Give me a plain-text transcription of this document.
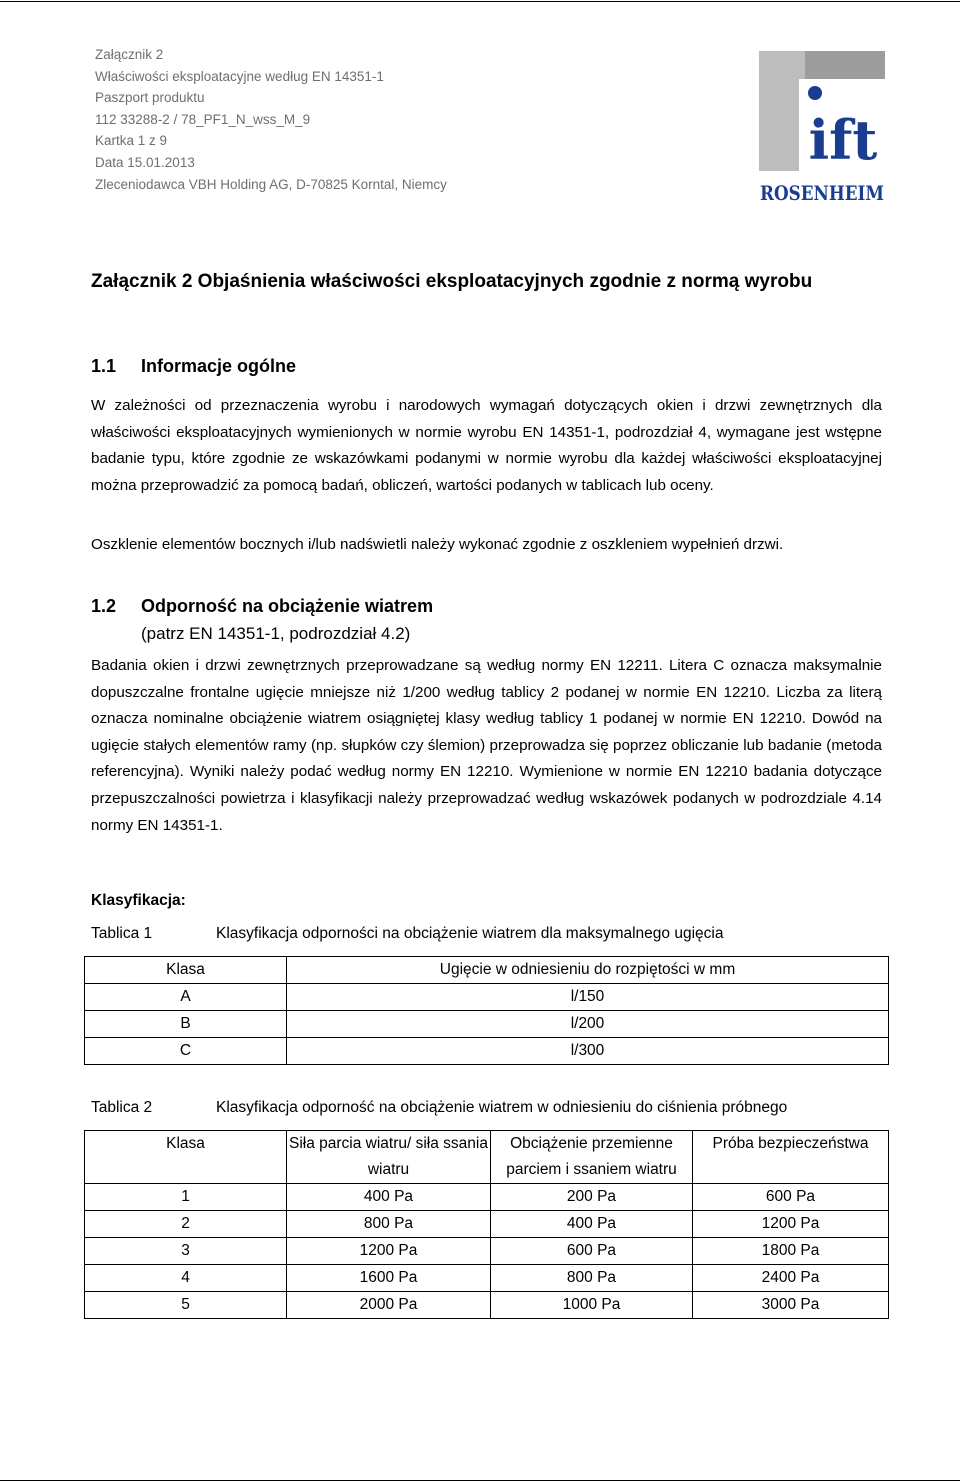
Załącznik 2
Właściwości eksploatacyjne według EN 14351-1
Paszport produktu
112 33288-2 / 78_PF1_N_wss_M_9
Kartka 1 z 9
Data 15.01.2013
Zleceniodawca VBH Holding AG, D-70825 Korntal, Niemcy
ift
ROSENHEIM
Załącznik 2 Objaśnienia właściwości eksploatacyjnych zgodnie z normą wyrobu
1.1 Informacje ogólne
W zależności od przeznaczenia wyrobu i narodowych wymagań dotyczących okien i drzwi zewnętrznych dla właściwości eksploatacyjnych wymienionych w normie wyrobu EN 14351-1, podrozdział 4, wymagane jest wstępne badanie typu, które zgodnie ze wskazówkami podanymi w normie wyrobu dla każdej właściwości eksploatacyjnej można przeprowadzić za pomocą badań, obliczeń, wartości podanych w tablicach lub oceny.
Oszklenie elementów bocznych i/lub nadświetli należy wykonać zgodnie z oszkleniem wypełnień drzwi.
1.2 Odporność na obciążenie wiatrem
(patrz EN 14351-1, podrozdział 4.2)
Badania okien i drzwi zewnętrznych przeprowadzane są według normy EN 12211. Litera C oznacza maksymalnie dopuszczalne frontalne ugięcie mniejsze niż 1/200 według tablicy 2 podanej w normie EN 12210. Liczba za literą oznacza nominalne obciążenie wiatrem osiągniętej klasy według tablicy 1 podanej w normie EN 12210. Dowód na ugięcie stałych elementów ramy (np. słupków czy ślemion) przeprowadza się poprzez obliczanie lub badanie (metoda referencyjna). Wyniki należy podać według normy EN 12210. Wymienione w normie EN 12210 badania dotyczące przepuszczalności powietrza i klasyfikacji należy przeprowadzać według wskazówek podanych w podrozdziale 4.14 normy EN 14351-1.
Klasyfikacja:
Tablica 1	Klasyfikacja odporności na obciążenie wiatrem dla maksymalnego ugięcia
Klasa	Ugięcie w odniesieniu do rozpiętości w mm
A	l/150
B	l/200
C	l/300
Tablica 2	Klasyfikacja odporność na obciążenie wiatrem w odniesieniu do ciśnienia próbnego
Klasa	Siła parcia wiatru/ siła ssania wiatru	Obciążenie przemienne parciem i ssaniem wiatru	Próba bezpieczeństwa
1	400 Pa	200 Pa	600 Pa
2	800 Pa	400 Pa	1200 Pa
3	1200 Pa	600 Pa	1800 Pa
4	1600 Pa	800 Pa	2400 Pa
5	2000 Pa	1000 Pa	3000 Pa
